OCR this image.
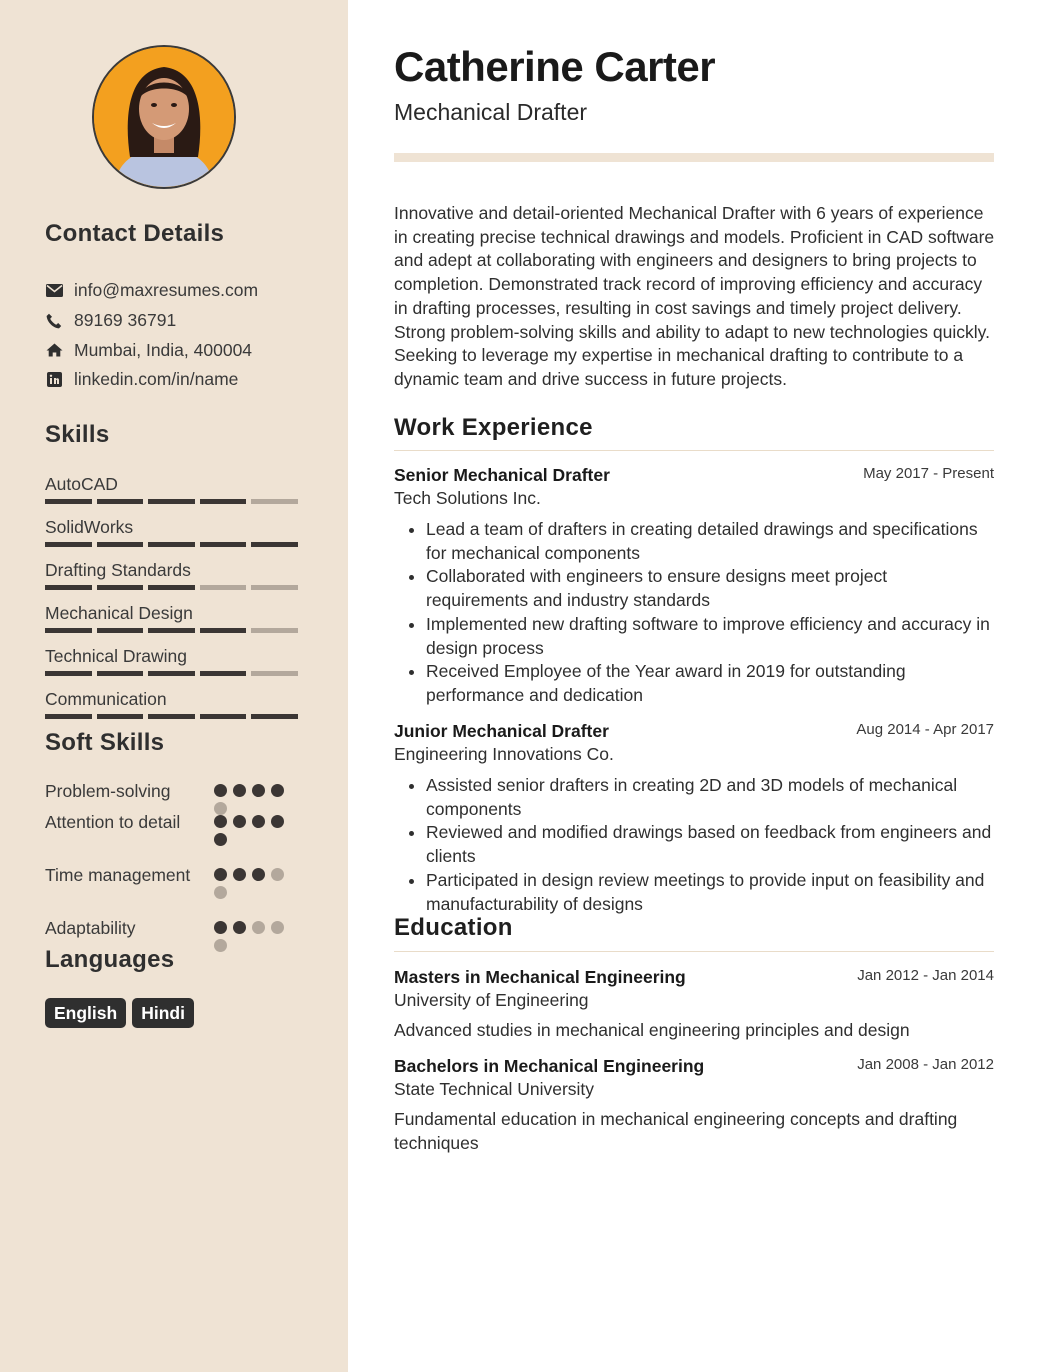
Contact Details
info@maxresumes.com
89169 36791
Mumbai, India, 400004
linkedin.com/in/name
Skills
AutoCAD
SolidWorks
Drafting Standards
Mechanical Design
Technical Drawing
Communication
Soft Skills
Problem-solving
Attention to detail
Time management
Adaptability
Languages
English	Hindi
Catherine Carter
Mechanical Drafter
Innovative and detail-oriented Mechanical Drafter with 6 years of experience in creating precise technical drawings and models. Proficient in CAD software and adept at collaborating with engineers and designers to bring projects to completion. Demonstrated track record of improving efficiency and accuracy in drafting processes, resulting in cost savings and timely project delivery. Strong problem-solving skills and ability to adapt to new technologies quickly. Seeking to leverage my expertise in mechanical drafting to contribute to a dynamic team and drive success in future projects.
Work Experience
Senior Mechanical Drafter	May 2017 - Present
Tech Solutions Inc.
• Lead a team of drafters in creating detailed drawings and specifications for mechanical components
• Collaborated with engineers to ensure designs meet project requirements and industry standards
• Implemented new drafting software to improve efficiency and accuracy in design process
• Received Employee of the Year award in 2019 for outstanding performance and dedication
Junior Mechanical Drafter	Aug 2014 - Apr 2017
Engineering Innovations Co.
• Assisted senior drafters in creating 2D and 3D models of mechanical components
• Reviewed and modified drawings based on feedback from engineers and clients
• Participated in design review meetings to provide input on feasibility and manufacturability of designs
Education
Masters in Mechanical Engineering	Jan 2012 - Jan 2014
University of Engineering
Advanced studies in mechanical engineering principles and design
Bachelors in Mechanical Engineering	Jan 2008 - Jan 2012
State Technical University
Fundamental education in mechanical engineering concepts and drafting techniques
